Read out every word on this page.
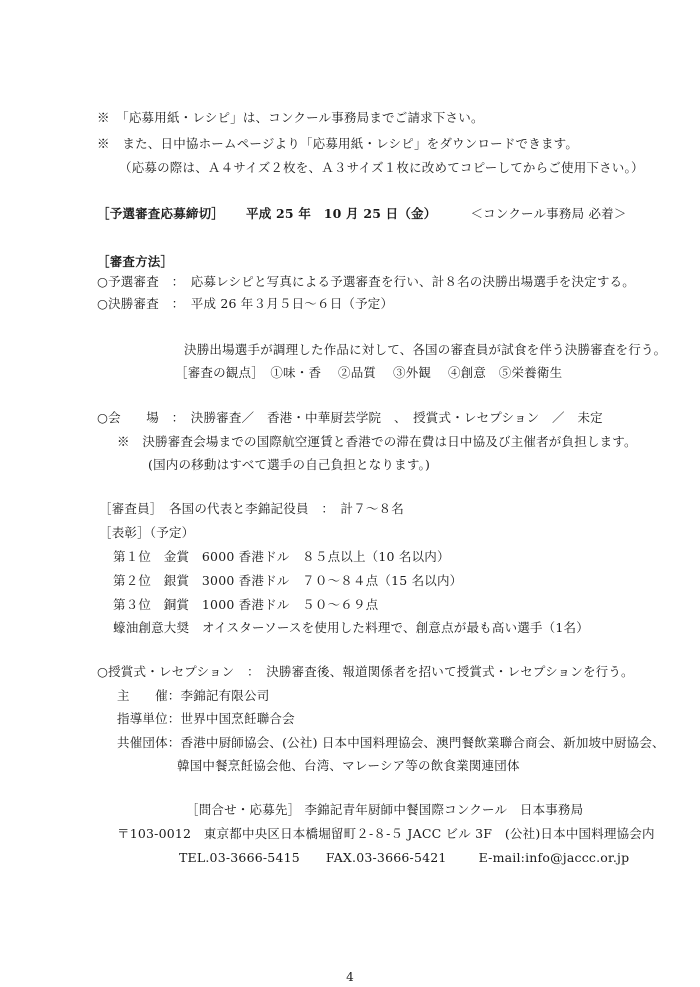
※　「応募用紙・レシピ」は、コンクール事務局までご請求下さい。
※　また、日中協ホームページより「応募用紙・レシピ」をダウンロードできます。
（応募の際は、Ａ４サイズ２枚を、Ａ３サイズ１枚に改めてコピーしてからご使用下さい。）
［予選審査応募締切］ 平成 25 年　10 月 25 日（金）	＜コンクール事務局 必着＞
［審査方法］
○予選審査　：　応募レシピと写真による予選審査を行い、計８名の決勝出場選手を決定する。
○決勝審査　：　平成 26 年３月５日〜６日（予定）
決勝出場選手が調理した作品に対して、各国の審査員が試食を伴う決勝審査を行う。
［審査の観点］　①味・香　 ②品質　 ③外観　 ④創意　⑤栄養衛生
○会　　場　：　決勝審査／　香港・中華厨芸学院　、　授賞式・レセプション　／　未定
※　決勝審査会場までの国際航空運賃と香港での滞在費は日中協及び主催者が負担します。
(国内の移動はすべて選手の自己負担となります。)
［審査員］　各国の代表と李錦記役員　：　計７〜８名
［表彰］（予定）
第１位　金賞　6000 香港ドル　８５点以上（10 名以内）
第２位　銀賞　3000 香港ドル　７０〜８４点（15 名以内）
第３位　銅賞　1000 香港ドル　５０〜６９点
蠔油創意大奨　オイスターソースを使用した料理で、創意点が最も高い選手（1名）
○授賞式・レセプション　：　決勝審査後、報道関係者を招いて授賞式・レセプションを行う。
主　　催：李錦記有限公司
指導単位：世界中国烹飪聯合会
共催団体：香港中厨師協会、(公社) 日本中国料理協会、澳門餐飲業聯合商会、新加坡中厨協会、
韓国中餐烹飪協会他、台湾、マレーシア等の飲食業関連団体
［問合せ・応募先］ 李錦記青年厨師中餐国際コンクール　日本事務局
〒103-0012　東京都中央区日本橋堀留町２‐８‐５ JACC ビル 3F　(公社)日本中国料理協会内
TEL.03-3666-5415 FAX.03-3666-5421	E-mail:info@jaccc.or.jp
4
